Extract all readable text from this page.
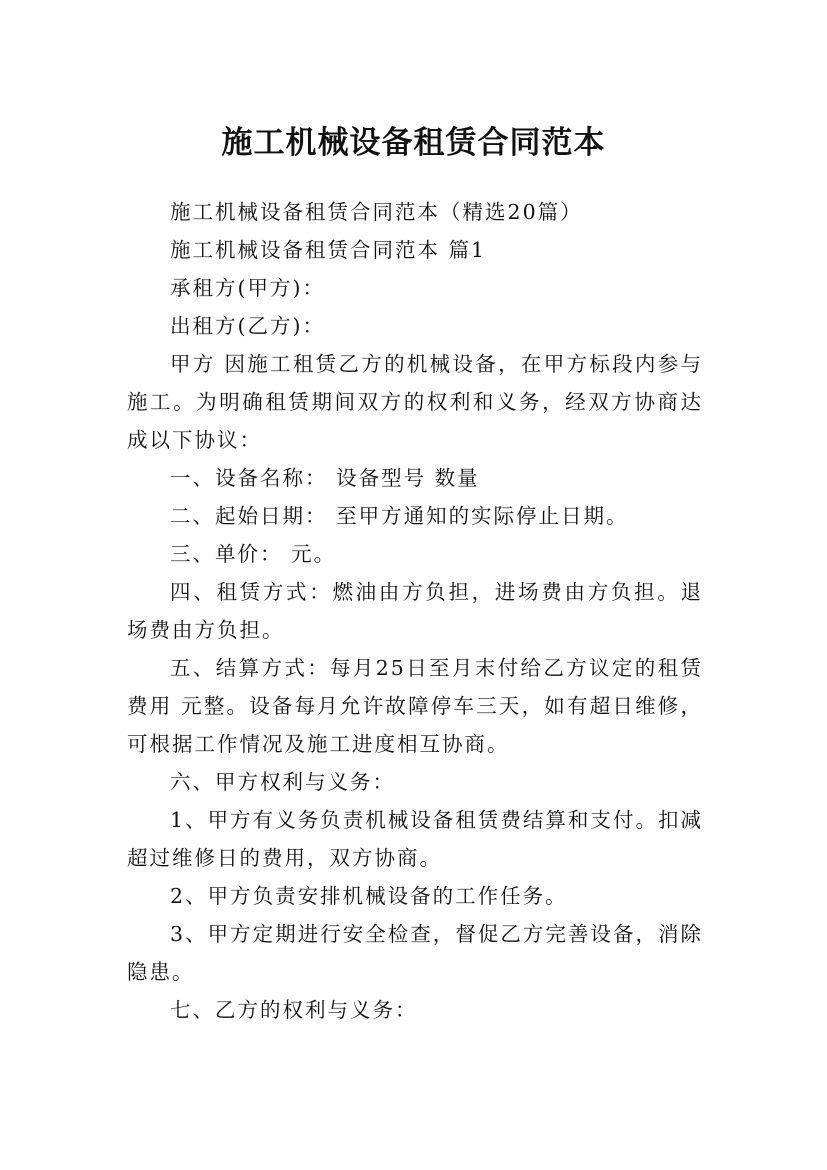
施工机械设备租赁合同范本

施工机械设备租赁合同范本（精选20篇）

施工机械设备租赁合同范本 篇1

承租方(甲方)：

出租方(乙方)：

甲方 因施工租赁乙方的机械设备，在甲方标段内参与施工。为明确租赁期间双方的权利和义务，经双方协商达成以下协议：

一、设备名称： 设备型号 数量

二、起始日期： 至甲方通知的实际停止日期。

三、单价： 元。

四、租赁方式：燃油由方负担，进场费由方负担。退场费由方负担。

五、结算方式：每月25日至月末付给乙方议定的租赁费用 元整。设备每月允许故障停车三天，如有超日维修，可根据工作情况及施工进度相互协商。

六、甲方权利与义务：

1、甲方有义务负责机械设备租赁费结算和支付。扣减超过维修日的费用，双方协商。

2、甲方负责安排机械设备的工作任务。

3、甲方定期进行安全检查，督促乙方完善设备，消除隐患。

七、乙方的权利与义务：
